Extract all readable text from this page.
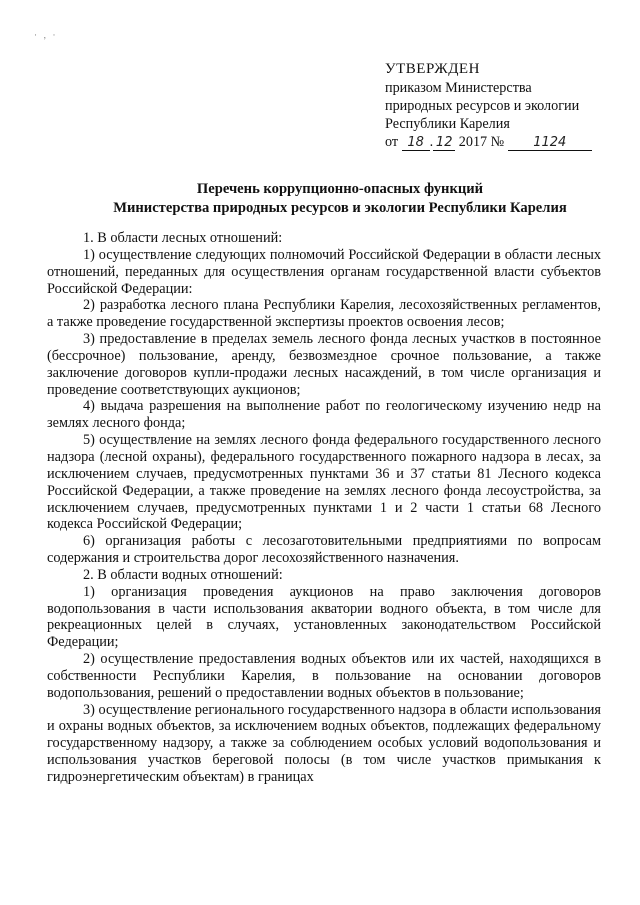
· ‚ ·
УТВЕРЖДЕН
приказом Министерства
природных ресурсов и экологии
Республики Карелия
от 18 . 12 2017 № 1124
Перечень коррупционно-опасных функций
Министерства природных ресурсов и экологии Республики Карелия

1. В области лесных отношений:

1) осуществление следующих полномочий Российской Федерации в области лесных отношений, переданных для осуществления органам государственной власти субъектов Российской Федерации:

2) разработка лесного плана Республики Карелия, лесохозяйственных регламентов, а также проведение государственной экспертизы проектов освоения лесов;

3) предоставление в пределах земель лесного фонда лесных участков в постоянное (бессрочное) пользование, аренду, безвозмездное срочное пользование, а также заключение договоров купли-продажи лесных насаждений, в том числе организация и проведение соответствующих аукционов;

4) выдача разрешения на выполнение работ по геологическому изучению недр на землях лесного фонда;

5) осуществление на землях лесного фонда федерального государственного лесного надзора (лесной охраны), федерального государственного пожарного надзора в лесах, за исключением случаев, предусмотренных пунктами 36 и 37 статьи 81 Лесного кодекса Российской Федерации, а также проведение на землях лесного фонда лесоустройства, за исключением случаев, предусмотренных пунктами 1 и 2 части 1 статьи 68 Лесного кодекса Российской Федерации;

6) организация работы с лесозаготовительными предприятиями по вопросам содержания и строительства дорог лесохозяйственного назначения.

2. В области водных отношений:

1) организация проведения аукционов на право заключения договоров водопользования в части использования акватории водного объекта, в том числе для рекреационных целей в случаях, установленных законодательством Российской Федерации;

2) осуществление предоставления водных объектов или их частей, находящихся в собственности Республики Карелия, в пользование на основании договоров водопользования, решений о предоставлении водных объектов в пользование;

3) осуществление регионального государственного надзора в области использования и охраны водных объектов, за исключением водных объектов, подлежащих федеральному государственному надзору, а также за соблюдением особых условий водопользования и использования участков береговой полосы (в том числе участков примыкания к гидроэнергетическим объектам) в границах
